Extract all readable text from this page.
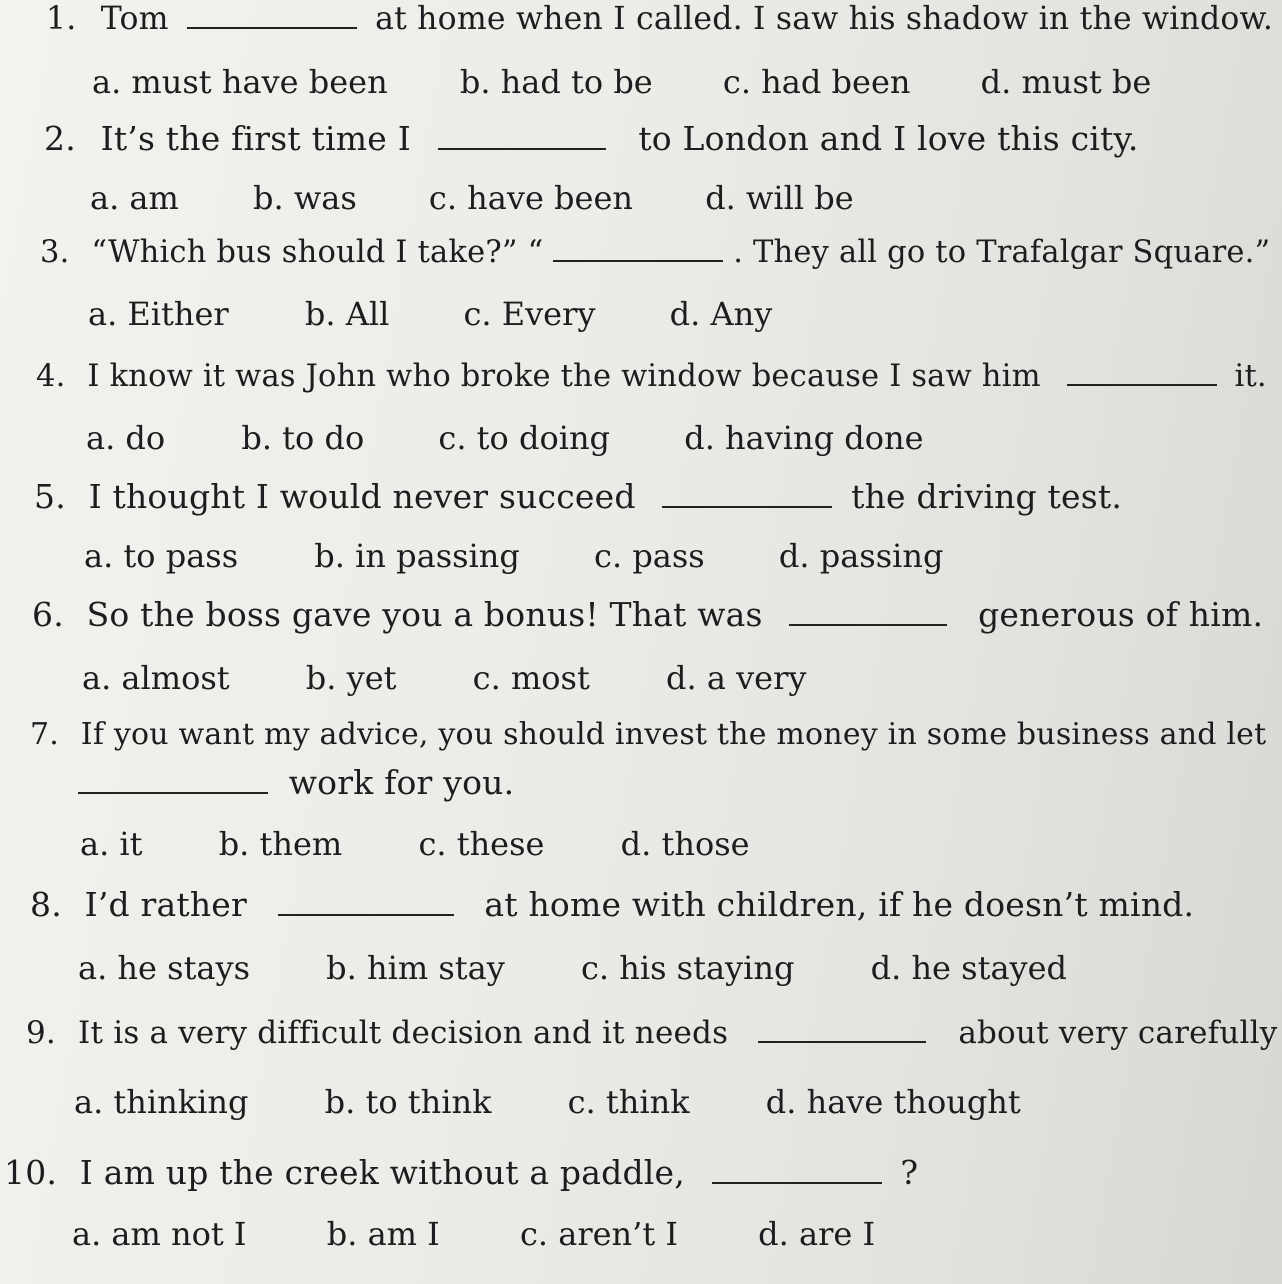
1. Tom	at home when I called. I saw his shadow in the window.
a. must have been b. had to be c. had been d. must be
2. It’s the first time I	to London and I love this city.
a. am b. was c. have been d. will be
3. “Which bus should I take?” “	. They all go to Trafalgar Square.”
a. Either b. All c. Every d. Any
4. I know it was John who broke the window because I saw him	it.
a. do b. to do c. to doing d. having done
5. I thought I would never succeed	the driving test.
a. to pass b. in passing c. pass d. passing
6. So the boss gave you a bonus! That was	generous of him.
a. almost b. yet c. most d. a very
7. If you want my advice, you should invest the money in some business and let
work for you.
a. it b. them c. these d. those
8. I’d rather	at home with children, if he doesn’t mind.
a. he stays b. him stay c. his staying d. he stayed
9. It is a very difficult decision and it needs	about very carefully
a. thinking b. to think c. think d. have thought
10. I am up the creek without a paddle,	?
a. am not I	b. am I	c. aren’t I	d. are I
